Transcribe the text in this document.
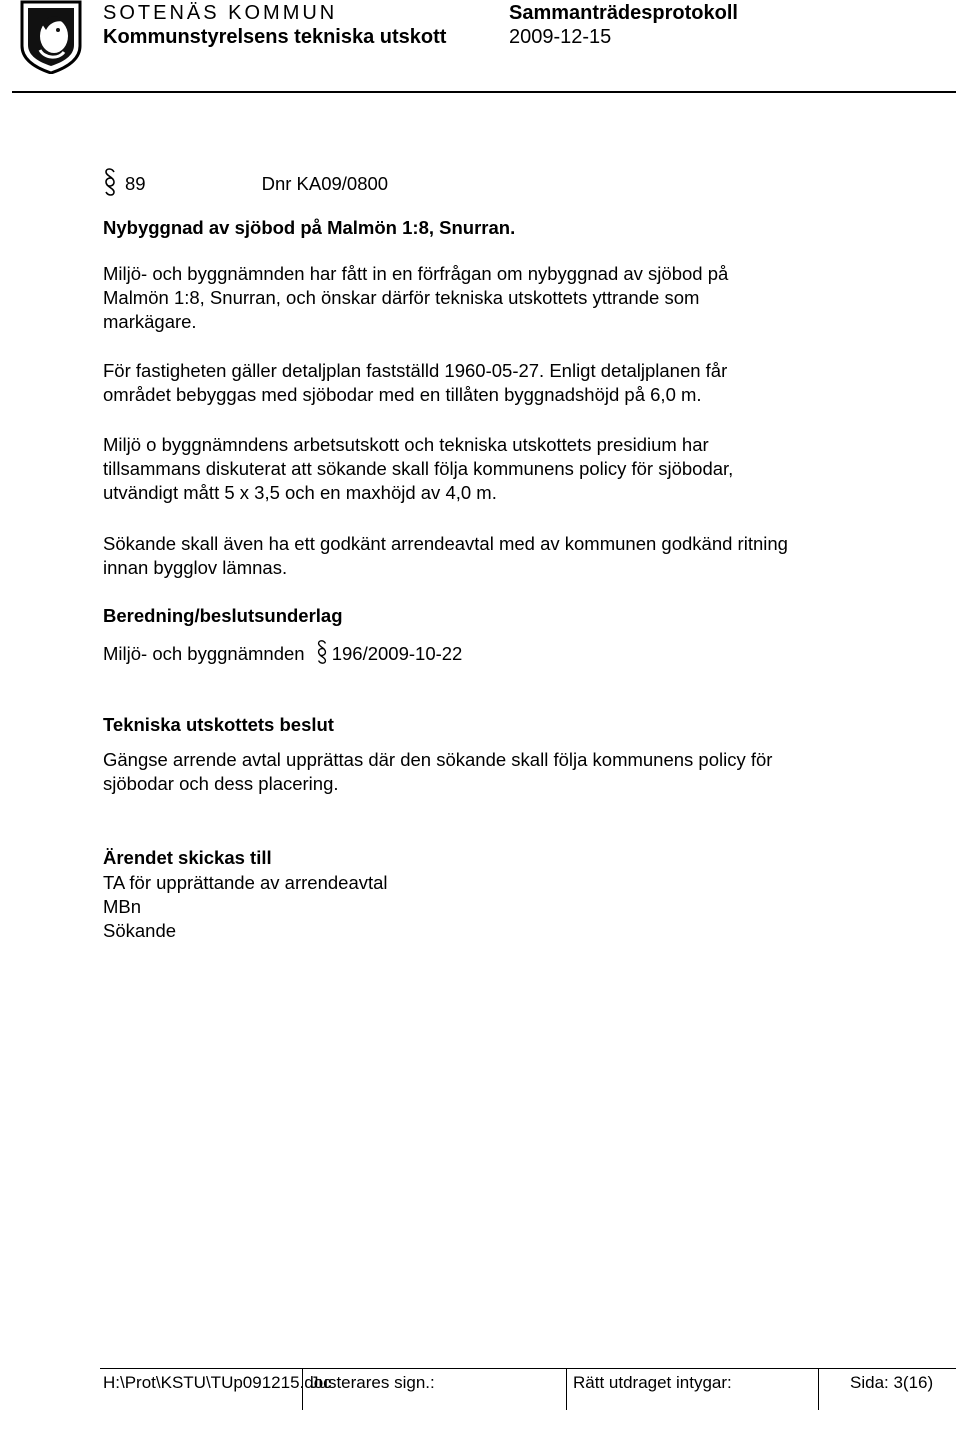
SOTENÄS KOMMUN
Kommunstyrelsens tekniska utskott
Sammanträdesprotokoll
2009-12-15
89	Dnr KA09/0800
Nybyggnad av sjöbod på Malmön 1:8, Snurran.
Miljö- och byggnämnden har fått in en förfrågan om nybyggnad av sjöbod på
Malmön 1:8, Snurran, och önskar därför tekniska utskottets yttrande som
markägare.
För fastigheten gäller detaljplan fastställd 1960-05-27. Enligt detaljplanen får
området bebyggas med sjöbodar med en tillåten byggnadshöjd på 6,0 m.
Miljö o byggnämndens arbetsutskott och tekniska utskottets presidium har
tillsammans diskuterat att sökande skall följa kommunens policy för sjöbodar,
utvändigt mått 5 x 3,5 och en maxhöjd av 4,0 m.
Sökande skall även ha ett godkänt arrendeavtal med av kommunen godkänd ritning
innan bygglov lämnas.
Beredning/beslutsunderlag
Miljö- och byggnämnden 196/2009-10-22
Tekniska utskottets beslut
Gängse arrende avtal upprättas där den sökande skall följa kommunens policy för
sjöbodar och dess placering.
Ärendet skickas till
TA för upprättande av arrendeavtal
MBn
Sökande
H:\Prot\KSTU\TUp091215.doc
Justerares sign.:	Rätt utdraget intygar:	Sida: 3(16)
